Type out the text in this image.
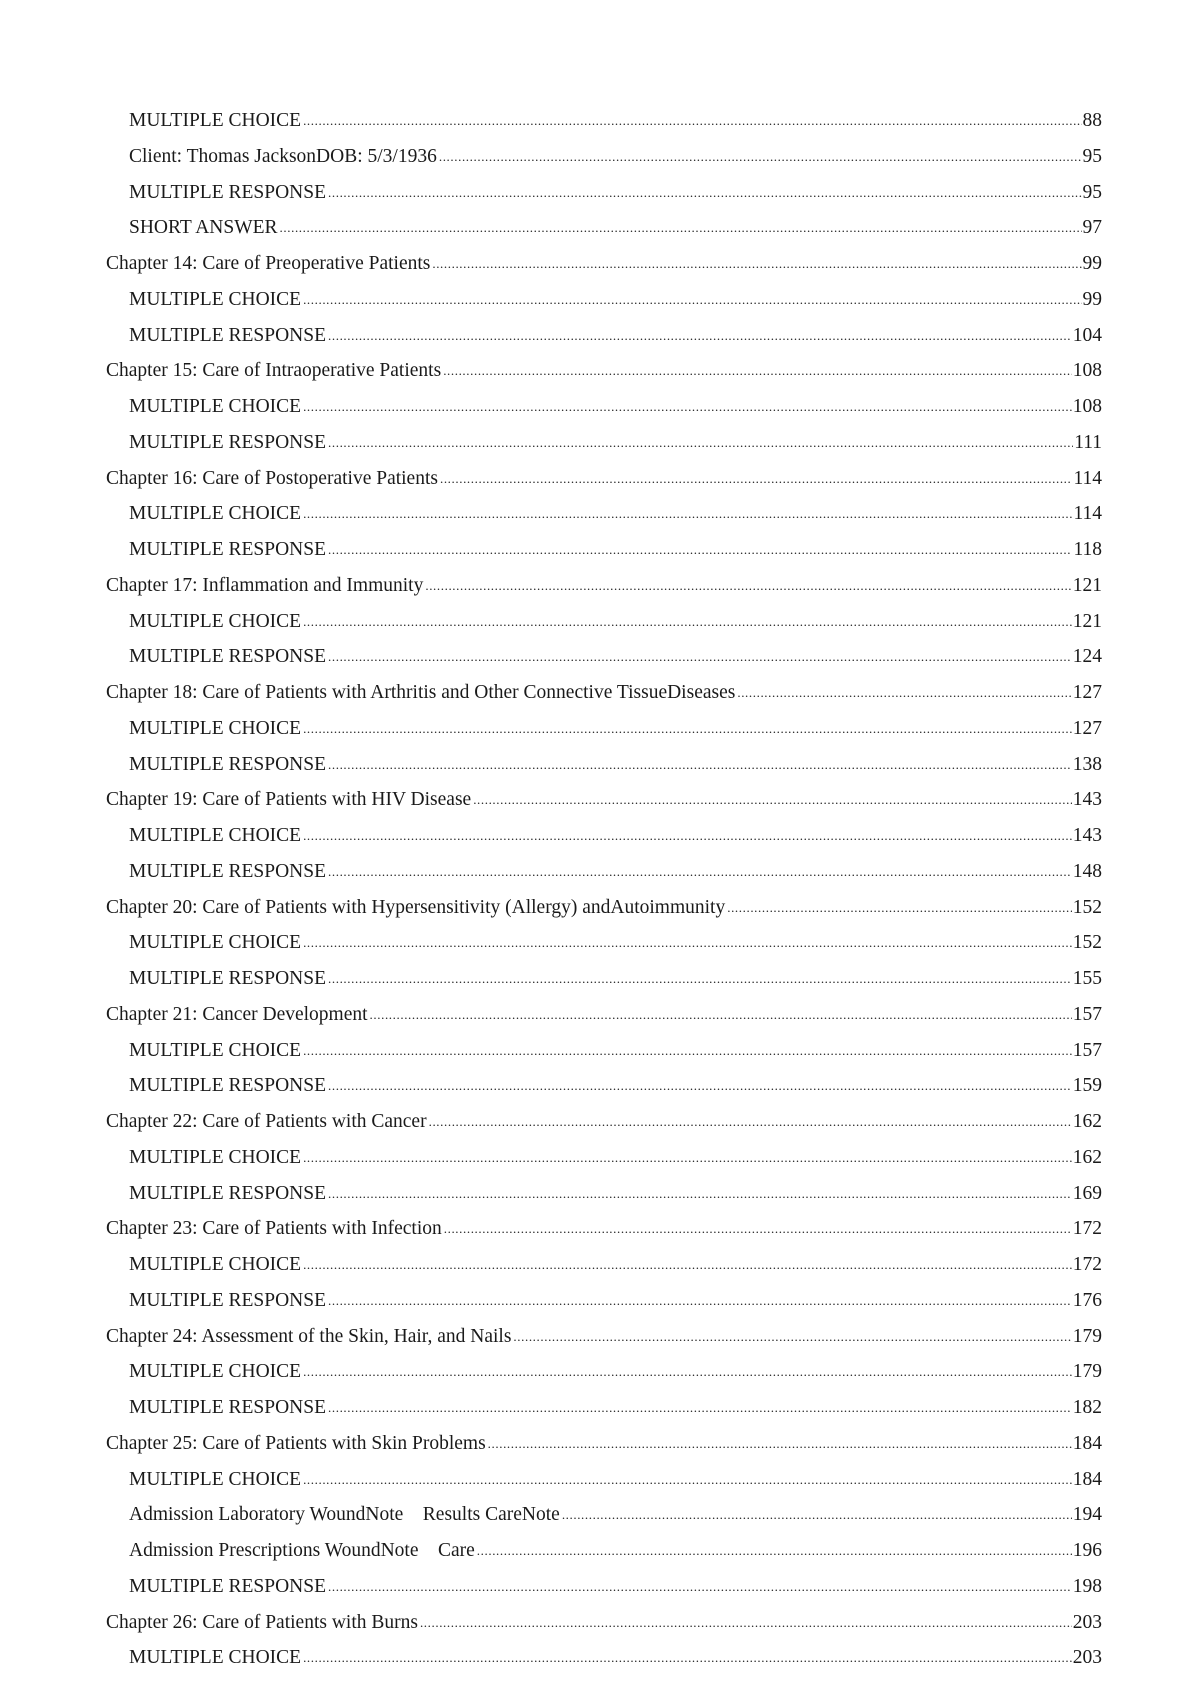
MULTIPLE CHOICE .....	88
Client: Thomas JacksonDOB: 5/3/1936 .....	95
MULTIPLE RESPONSE .....	95
SHORT ANSWER .....	97
Chapter 14: Care of Preoperative Patients .....	99
MULTIPLE CHOICE .....	99
MULTIPLE RESPONSE .....	104
Chapter 15: Care of Intraoperative Patients .....	108
MULTIPLE CHOICE .....	108
MULTIPLE RESPONSE .....	111
Chapter 16: Care of Postoperative Patients .....	114
MULTIPLE CHOICE .....	114
MULTIPLE RESPONSE .....	118
Chapter 17: Inflammation and Immunity .....	121
MULTIPLE CHOICE .....	121
MULTIPLE RESPONSE .....	124
Chapter 18: Care of Patients with Arthritis and Other Connective TissueDiseases .....	127
MULTIPLE CHOICE .....	127
MULTIPLE RESPONSE .....	138
Chapter 19: Care of Patients with HIV Disease .....	143
MULTIPLE CHOICE .....	143
MULTIPLE RESPONSE .....	148
Chapter 20: Care of Patients with Hypersensitivity (Allergy) andAutoimmunity .....	152
MULTIPLE CHOICE .....	152
MULTIPLE RESPONSE .....	155
Chapter 21: Cancer Development .....	157
MULTIPLE CHOICE .....	157
MULTIPLE RESPONSE .....	159
Chapter 22: Care of Patients with Cancer .....	162
MULTIPLE CHOICE .....	162
MULTIPLE RESPONSE .....	169
Chapter 23: Care of Patients with Infection .....	172
MULTIPLE CHOICE .....	172
MULTIPLE RESPONSE .....	176
Chapter 24: Assessment of the Skin, Hair, and Nails .....	179
MULTIPLE CHOICE .....	179
MULTIPLE RESPONSE .....	182
Chapter 25: Care of Patients with Skin Problems .....	184
MULTIPLE CHOICE .....	184
Admission Laboratory WoundNote    Results CareNote .....	194
Admission Prescriptions WoundNote    Care .....	196
MULTIPLE RESPONSE .....	198
Chapter 26: Care of Patients with Burns .....	203
MULTIPLE CHOICE .....	203
